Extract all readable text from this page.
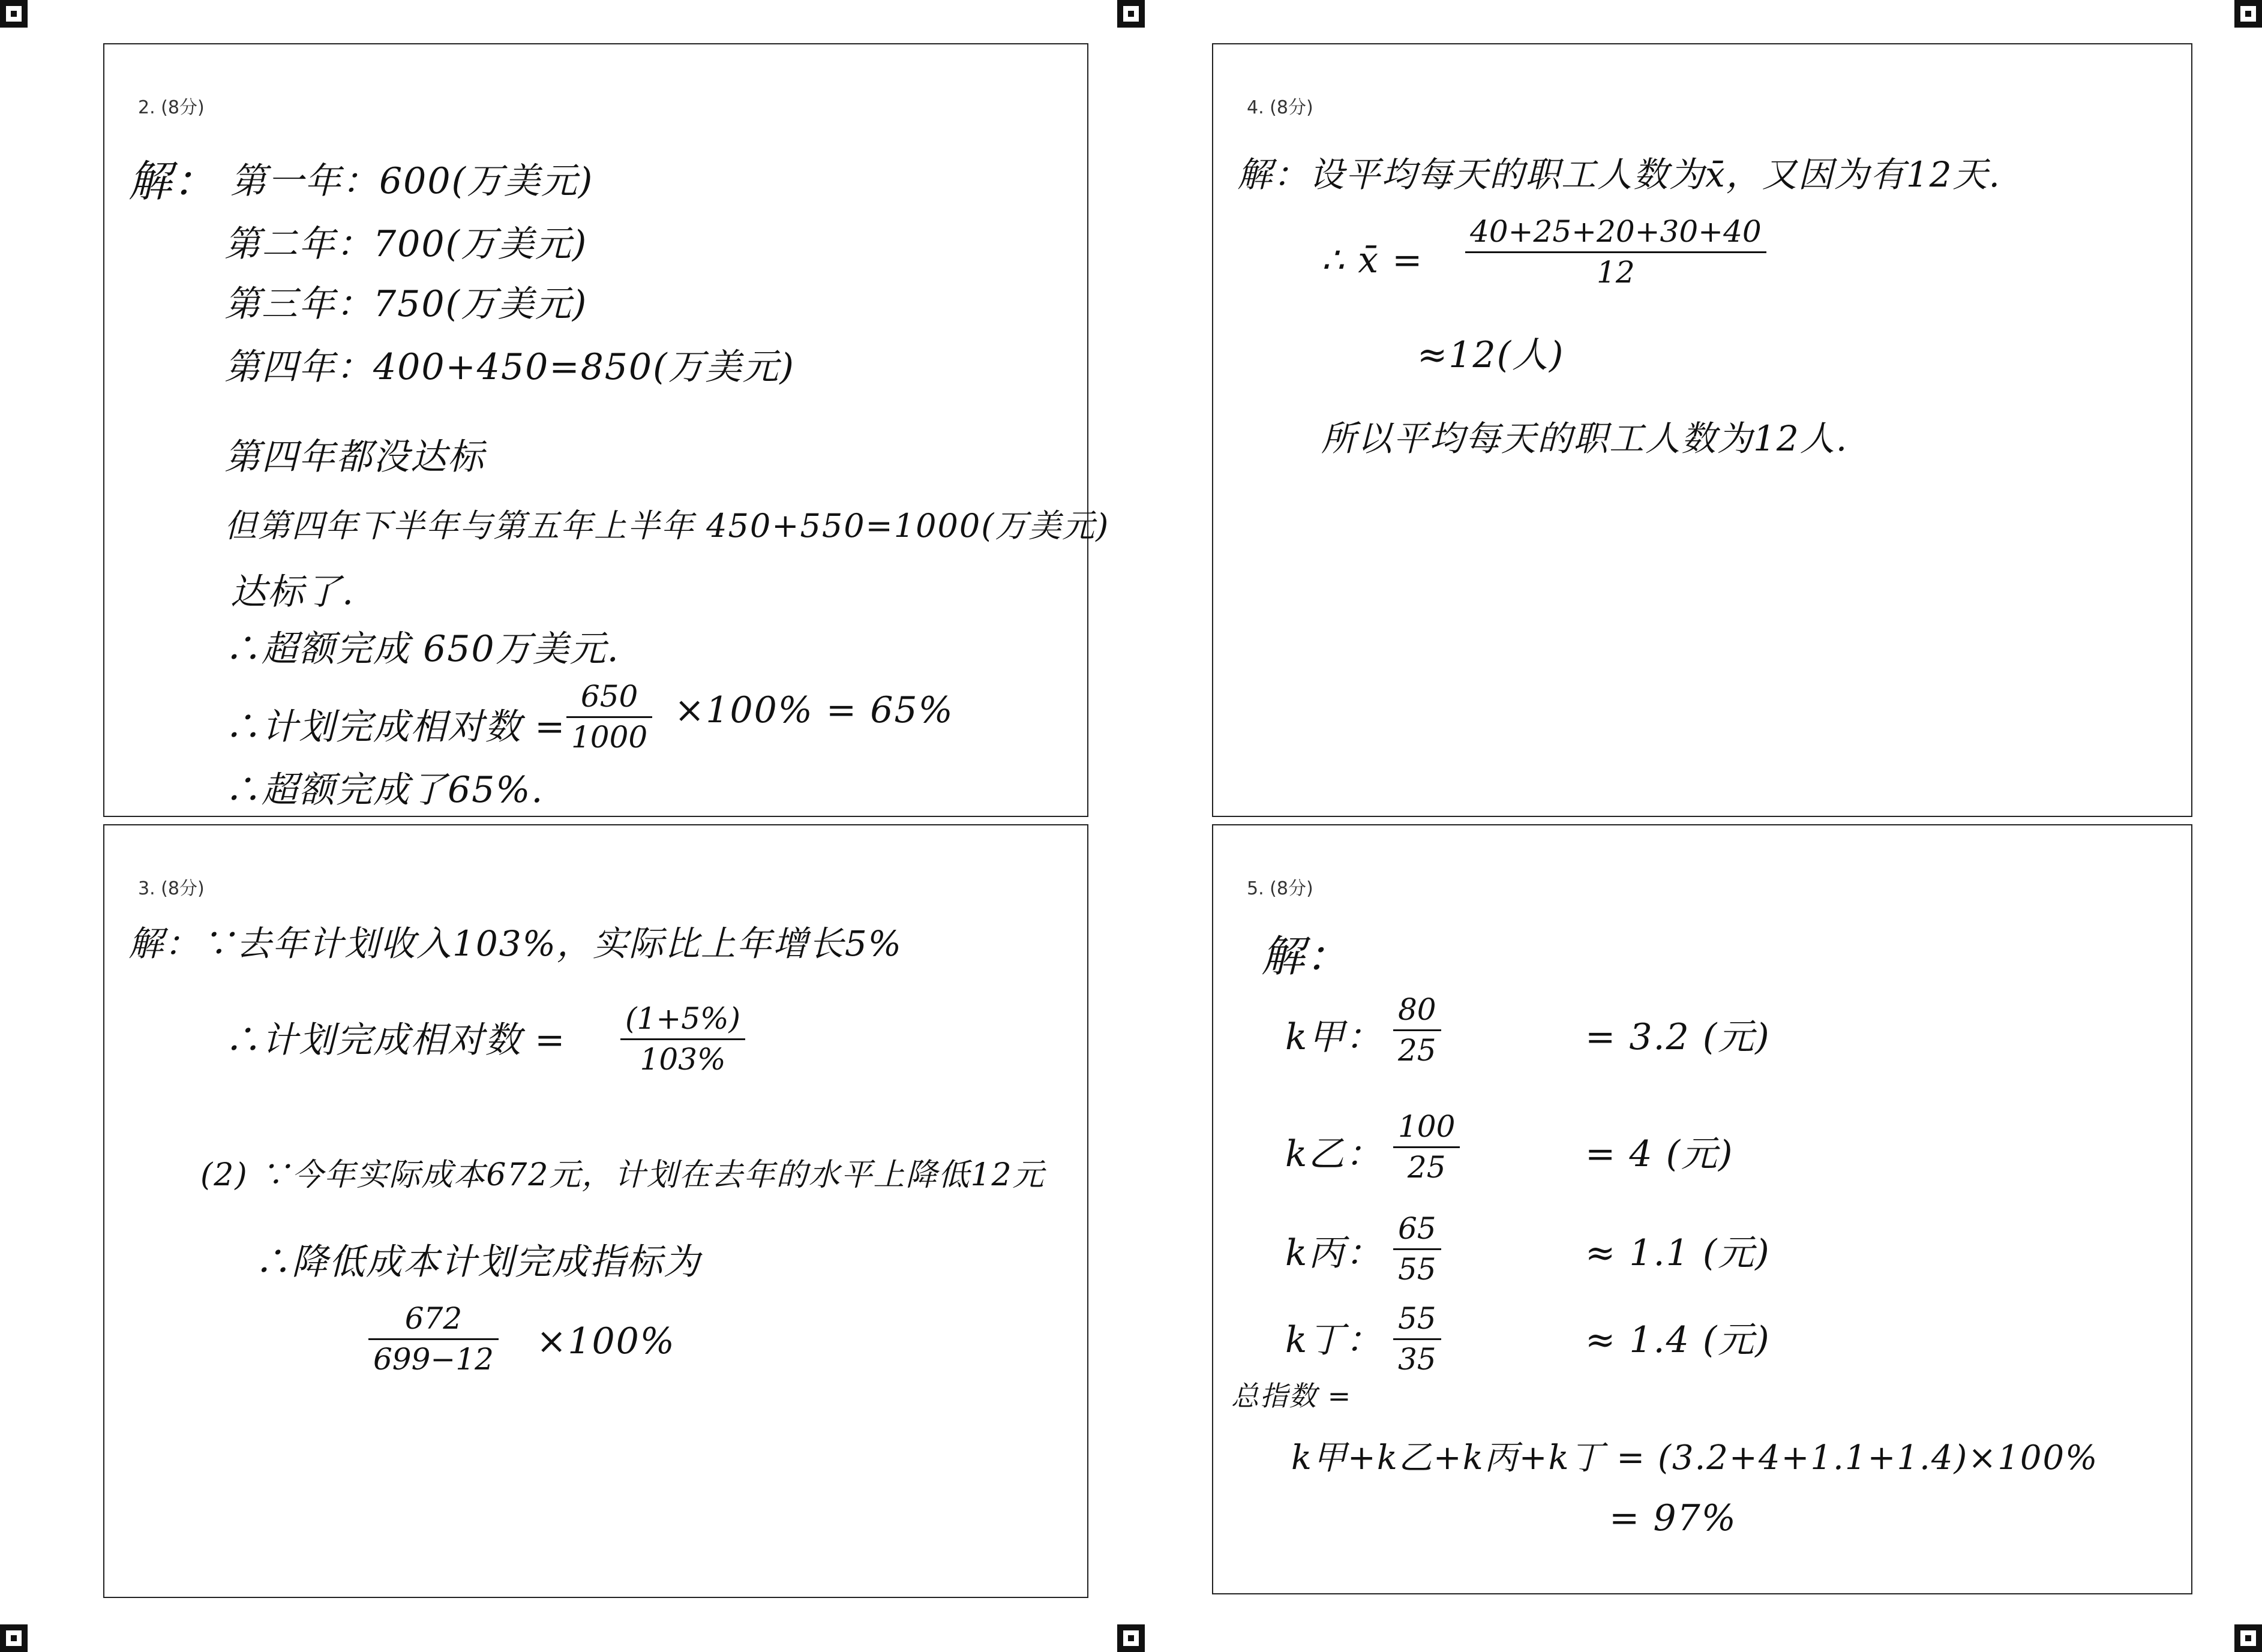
2. (8分)
解： 第一年：600(万美元)
第二年：700(万美元)
第三年：750(万美元)
第四年：400+450=850(万美元)
第四年都没达标
但第四年下半年与第五年上半年 450+550=1000(万美元)
达标了.
∴超额完成 650万美元.
∴计划完成相对数 = $\frac{650}{1000} \times 100\% = 65\%$
∴超额完成了65%.
3. (8分)
解：∵去年计划收入103%，实际比上年增长5%
∴计划完成相对数 = $\frac{(1+5\%)}{103\%}$
(2) ∵今年实际成本672元，计划在去年的水平上降低12元
∴降低成本计划完成指标为
$\frac{672}{699-12} \times 100\%$
4. (8分)
解：设平均每天的职工人数为x̄，又因为有12天.
∴ x̄ = $\frac{40+25+20+30+40}{12}$
≈12(人)
所以平均每天的职工人数为12人.
5. (8分)
解：
k甲： $\frac{80}{25}$	= 3.2 (元)
k乙： $\frac{100}{25}$	= 4 (元)
k丙： $\frac{65}{55}$	≈ 1.1 (元)
k丁： $\frac{55}{35}$	≈ 1.4 (元)
总指数 =
k甲+k乙+k丙+k丁 = (3.2+4+1.1+1.4)×100%
= 97%
